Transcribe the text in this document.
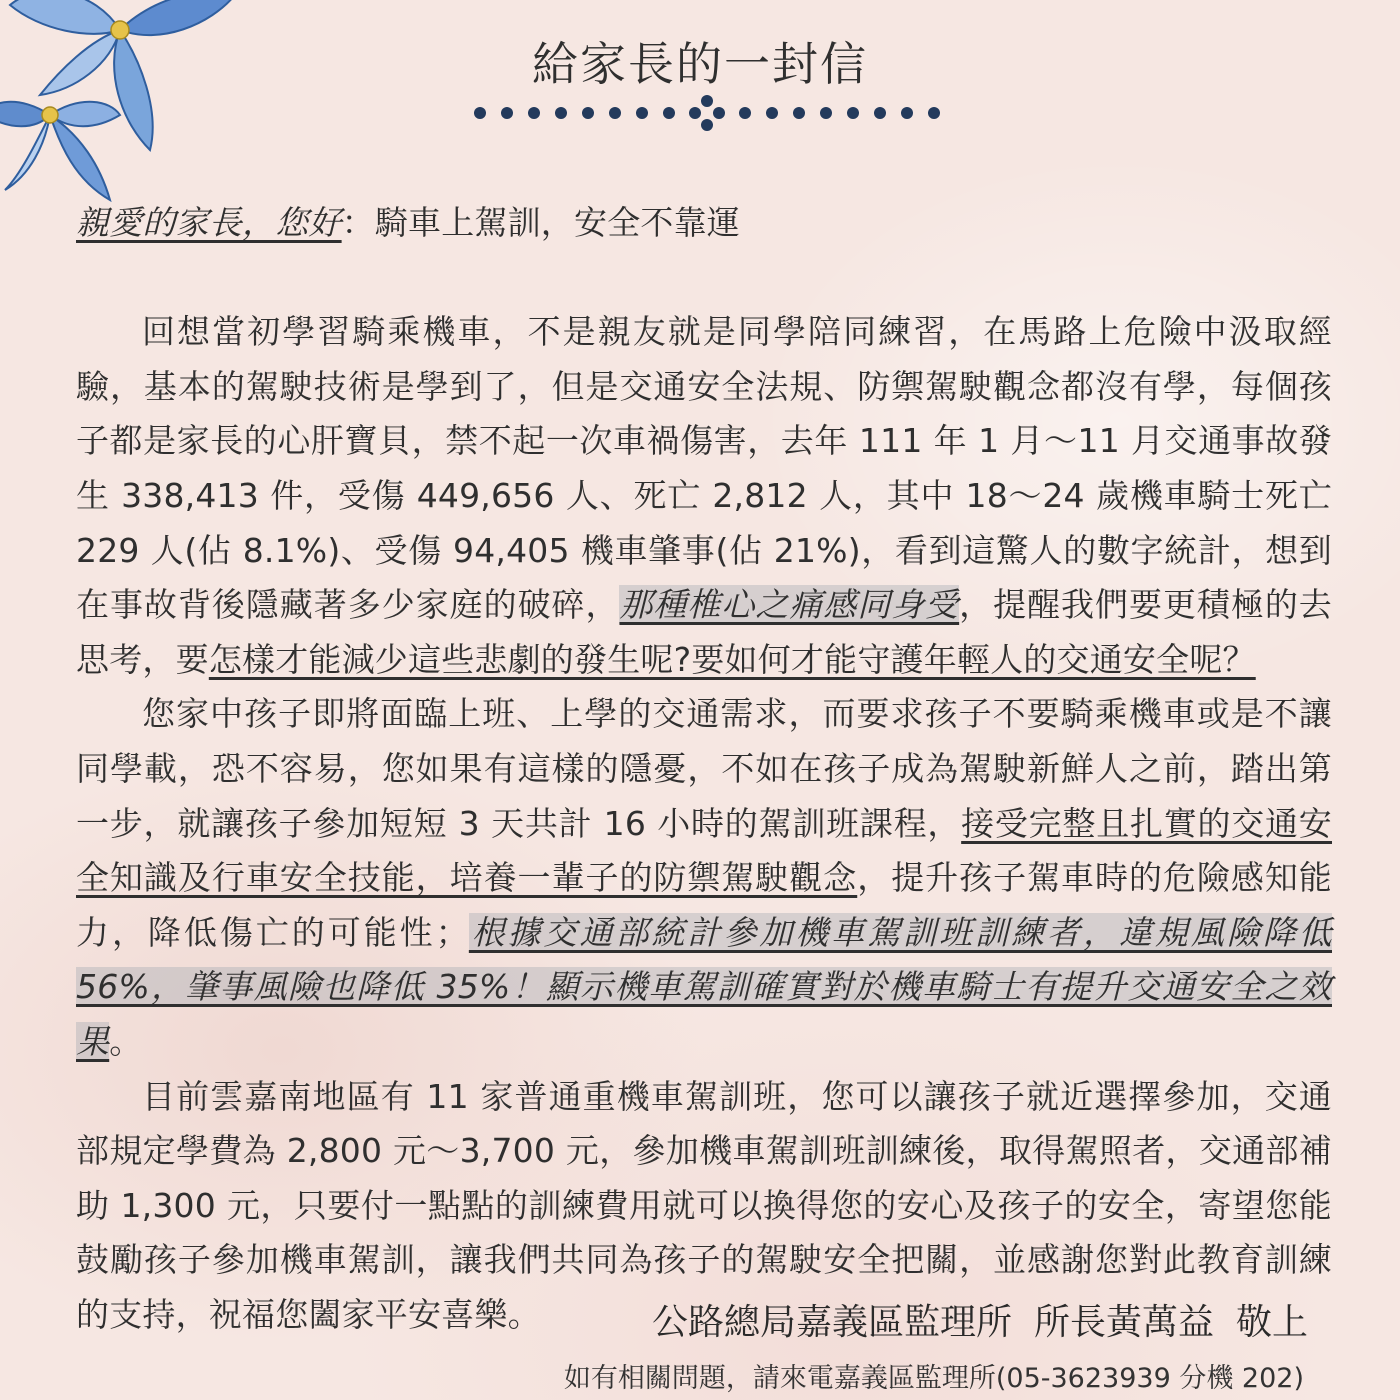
給家長的一封信

親愛的家長，您好：騎車上駕訓，安全不靠運

回想當初學習騎乘機車，不是親友就是同學陪同練習，在馬路上危險中汲取經驗，基本的駕駛技術是學到了，但是交通安全法規、防禦駕駛觀念都沒有學，每個孩子都是家長的心肝寶貝，禁不起一次車禍傷害，去年 111 年 1 月～11 月交通事故發生 338,413 件，受傷 449,656 人、死亡 2,812 人，其中 18～24 歲機車騎士死亡 229 人(佔 8.1%)、受傷 94,405 機車肇事(佔 21%)，看到這驚人的數字統計，想到在事故背後隱藏著多少家庭的破碎，那種椎心之痛感同身受，提醒我們要更積極的去思考，要怎樣才能減少這些悲劇的發生呢?要如何才能守護年輕人的交通安全呢？

您家中孩子即將面臨上班、上學的交通需求，而要求孩子不要騎乘機車或是不讓同學載，恐不容易，您如果有這樣的隱憂，不如在孩子成為駕駛新鮮人之前，踏出第一步，就讓孩子參加短短 3 天共計 16 小時的駕訓班課程，接受完整且扎實的交通安全知識及行車安全技能，培養一輩子的防禦駕駛觀念，提升孩子駕車時的危險感知能力，降低傷亡的可能性；根據交通部統計參加機車駕訓班訓練者，違規風險降低 56%，肇事風險也降低 35%！顯示機車駕訓確實對於機車騎士有提升交通安全之效果。

目前雲嘉南地區有 11 家普通重機車駕訓班，您可以讓孩子就近選擇參加，交通部規定學費為 2,800 元～3,700 元，參加機車駕訓班訓練後，取得駕照者，交通部補助 1,300 元，只要付一點點的訓練費用就可以換得您的安心及孩子的安全，寄望您能鼓勵孩子參加機車駕訓，讓我們共同為孩子的駕駛安全把關，並感謝您對此教育訓練的支持，祝福您闔家平安喜樂。	公路總局嘉義區監理所 所長黃萬益 敬上
如有相關問題，請來電嘉義區監理所(05-3623939 分機 202)
